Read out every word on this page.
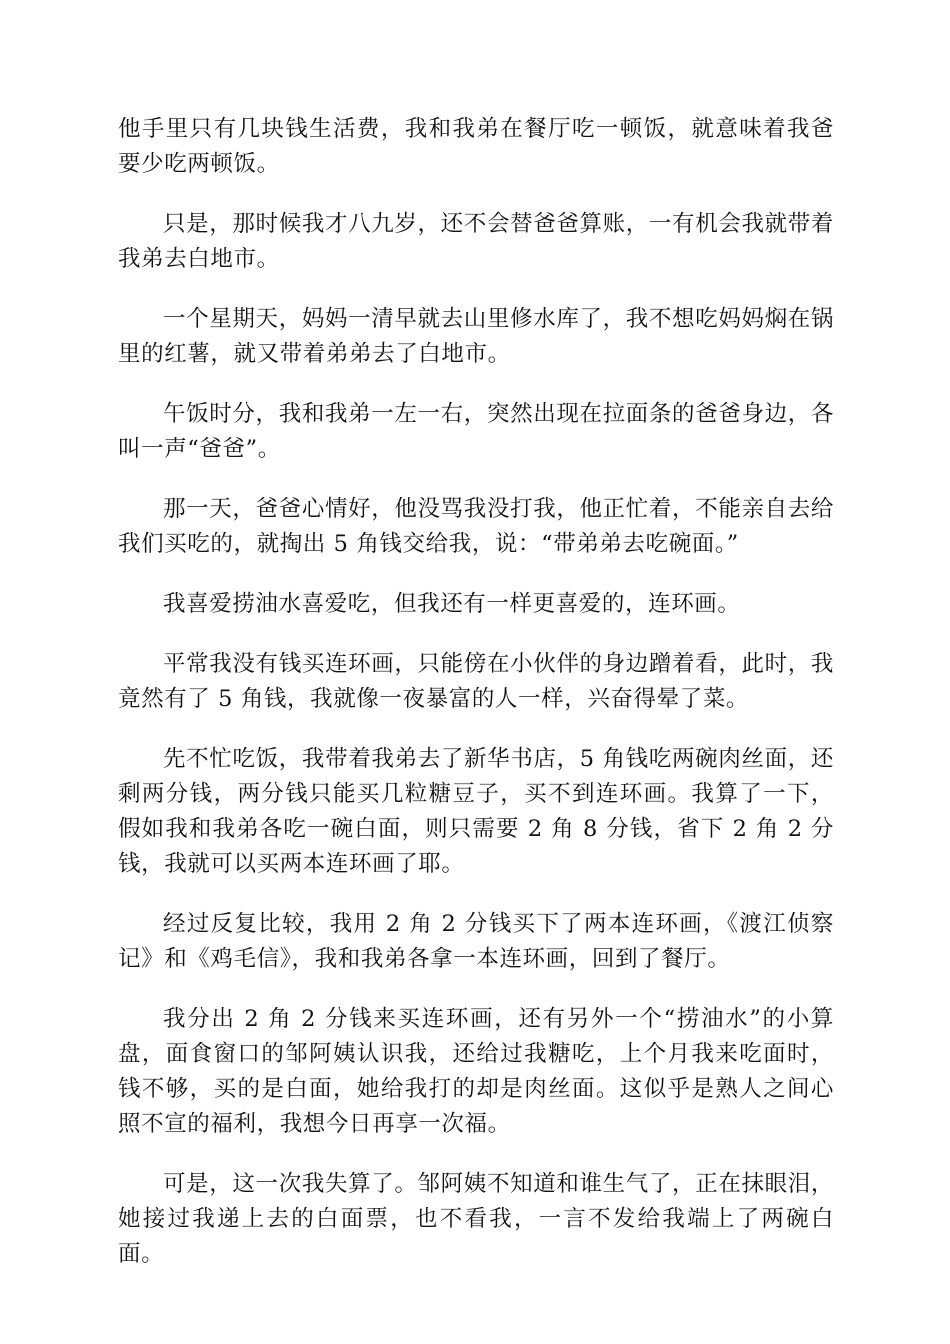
他手里只有几块钱生活费，我和我弟在餐厅吃一顿饭，就意味着我爸要少吃两顿饭。

只是，那时候我才八九岁，还不会替爸爸算账，一有机会我就带着我弟去白地市。

一个星期天，妈妈一清早就去山里修水库了，我不想吃妈妈焖在锅里的红薯，就又带着弟弟去了白地市。

午饭时分，我和我弟一左一右，突然出现在拉面条的爸爸身边，各叫一声“爸爸”。

那一天，爸爸心情好，他没骂我没打我，他正忙着，不能亲自去给我们买吃的，就掏出 5 角钱交给我，说：“带弟弟去吃碗面。”

我喜爱捞油水喜爱吃，但我还有一样更喜爱的，连环画。

平常我没有钱买连环画，只能傍在小伙伴的身边蹭着看，此时，我竟然有了 5 角钱，我就像一夜暴富的人一样，兴奋得晕了菜。

先不忙吃饭，我带着我弟去了新华书店，5 角钱吃两碗肉丝面，还剩两分钱，两分钱只能买几粒糖豆子，买不到连环画。我算了一下，假如我和我弟各吃一碗白面，则只需要 2 角 8 分钱，省下 2 角 2 分钱，我就可以买两本连环画了耶。

经过反复比较，我用 2 角 2 分钱买下了两本连环画，《渡江侦察记》和《鸡毛信》，我和我弟各拿一本连环画，回到了餐厅。

我分出 2 角 2 分钱来买连环画，还有另外一个“捞油水”的小算盘，面食窗口的邹阿姨认识我，还给过我糖吃，上个月我来吃面时，钱不够，买的是白面，她给我打的却是肉丝面。这似乎是熟人之间心照不宣的福利，我想今日再享一次福。

可是，这一次我失算了。邹阿姨不知道和谁生气了，正在抹眼泪，她接过我递上去的白面票，也不看我，一言不发给我端上了两碗白面。
